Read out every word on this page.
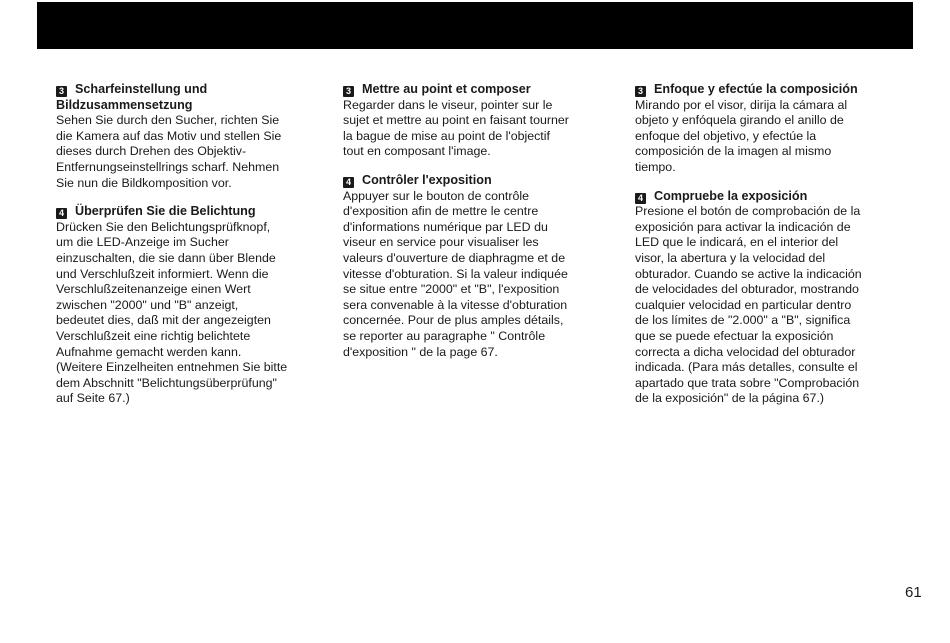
3 Scharfeinstellung und
Bildzusammensetzung

Sehen Sie durch den Sucher, richten Sie
die Kamera auf das Motiv und stellen Sie
dieses durch Drehen des Objektiv-
Entfernungseinstellrings scharf. Nehmen
Sie nun die Bildkomposition vor.

4 Überprüfen Sie die Belichtung

Drücken Sie den Belichtungsprüfknopf,
um die LED-Anzeige im Sucher
einzuschalten, die sie dann über Blende
und Verschlußzeit informiert. Wenn die
Verschlußzeitenanzeige einen Wert
zwischen "2000" und "B" anzeigt,
bedeutet dies, daß mit der angezeigten
Verschlußzeit eine richtig belichtete
Aufnahme gemacht werden kann.
(Weitere Einzelheiten entnehmen Sie bitte
dem Abschnitt "Belichtungsüberprüfung"
auf Seite 67.)

3 Mettre au point et composer

Regarder dans le viseur, pointer sur le
sujet et mettre au point en faisant tourner
la bague de mise au point de l'objectif
tout en composant l'image.

4 Contrôler l'exposition

Appuyer sur le bouton de contrôle
d'exposition afin de mettre le centre
d'informations numérique par LED du
viseur en service pour visualiser les
valeurs d'ouverture de diaphragme et de
vitesse d'obturation. Si la valeur indiquée
se situe entre "2000" et "B", l'exposition
sera convenable à la vitesse d'obturation
concernée. Pour de plus amples détails,
se reporter au paragraphe " Contrôle
d'exposition " de la page 67.

3 Enfoque y efectúe la composición

Mirando por el visor, dirija la cámara al
objeto y enfóquela girando el anillo de
enfoque del objetivo, y efectúe la
composición de la imagen al mismo
tiempo.

4 Compruebe la exposición

Presione el botón de comprobación de la
exposición para activar la indicación de
LED que le indicará, en el interior del
visor, la abertura y la velocidad del
obturador. Cuando se active la indicación
de velocidades del obturador, mostrando
cualquier velocidad en particular dentro
de los límites de "2.000" a "B", significa
que se puede efectuar la exposición
correcta a dicha velocidad del obturador
indicada. (Para más detalles, consulte el
apartado que trata sobre "Comprobación
de la exposición" de la página 67.)

61
